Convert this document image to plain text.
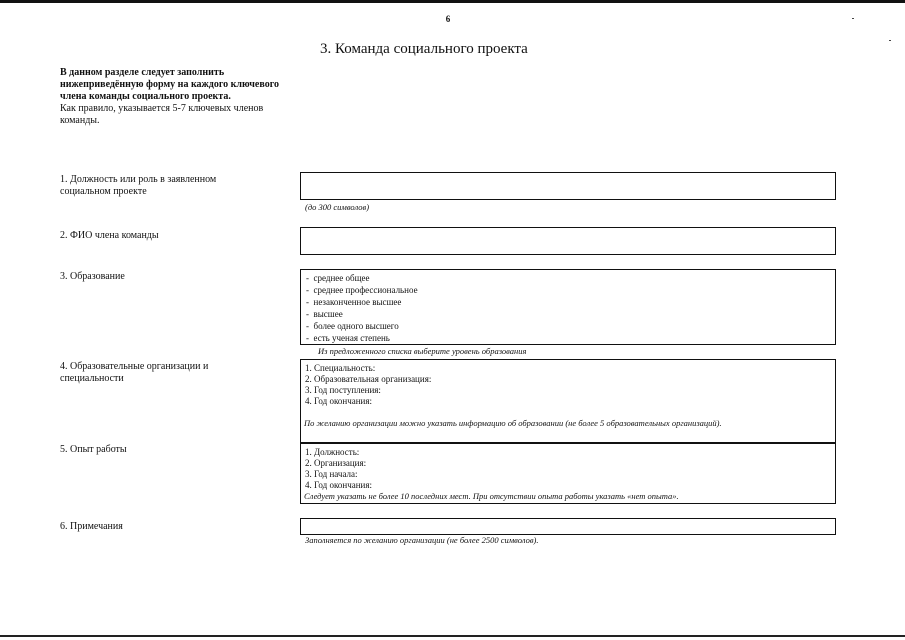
6
3. Команда социального проекта

В данном разделе следует заполнить нижеприведённую форму на каждого ключевого члена команды социального проекта.

Как правило, указывается 5-7 ключевых членов команды.

1. Должность или роль в заявленном социальном проекте
(до 300 символов)
2. ФИО члена команды
3. Образование	-  среднее общее
-  среднее профессиональное
-  незаконченное высшее
-  высшее
-  более одного высшего
-  есть ученая степень
Из предложенного списка выберите уровень образования
4. Образовательные организации и специальности
1. Специальность:
2. Образовательная организация:
3. Год поступления:
4. Год окончания:
По желанию организации можно указать информацию об образовании (не более 5 образовательных организаций).
5. Опыт работы	1. Должность:
2. Организация:
3. Год начала:
4. Год окончания:
Следует указать не более 10 последних мест. При отсутствии опыта работы указать «нет опыта».
6. Примечания
Заполняется по желанию организации (не более 2500 символов).
